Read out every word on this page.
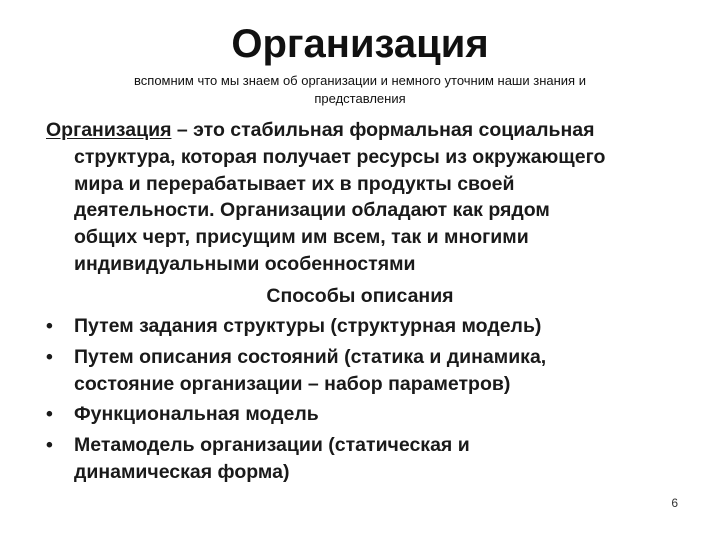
Организация
вспомним что мы знаем об организации и немного уточним наши знания и
представления
Организация – это стабильная формальная социальная
структура, которая получает ресурсы из окружающего
мира и перерабатывает их в продукты своей
деятельности. Организации обладают как рядом
общих черт, присущим им всем, так и многими
индивидуальными особенностями
Способы описания
•	Путем задания структуры (структурная модель)
•	Путем описания состояний (статика и динамика,
состояние организации – набор параметров)
•	Функциональная модель
•	Метамодель организации (статическая и
динамическая форма)
6
